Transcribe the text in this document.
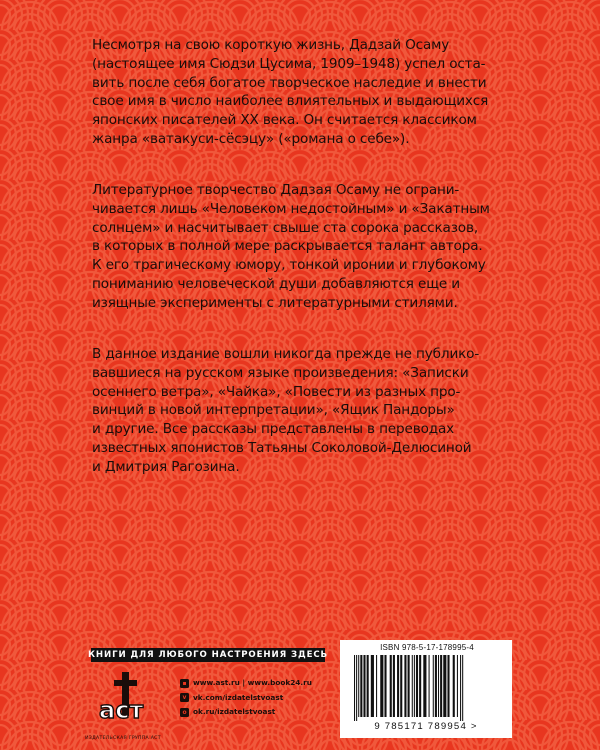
Несмотря на свою короткую жизнь, Дадзай Осаму
(настоящее имя Сюдзи Цусима, 1909–1948) успел оста-
вить после себя богатое творческое наследие и внести
свое имя в число наиболее влиятельных и выдающихся
японских писателей XX века. Он считается классиком
жанра «ватакуси-сёсэцу» («романа о себе»).

Литературное творчество Дадзая Осаму не ограни-
чивается лишь «Человеком недостойным» и «Закатным
солнцем» и насчитывает свыше ста сорока рассказов,
в которых в полной мере раскрывается талант автора.
К его трагическому юмору, тонкой иронии и глубокому
пониманию человеческой души добавляются еще и
изящные эксперименты с литературными стилями.

В данное издание вошли никогда прежде не публико-
вавшиеся на русском языке произведения: «Записки
осеннего ветра», «Чайка», «Повести из разных про-
винций в новой интерпретации», «Ящик Пандоры»
и другие. Все рассказы представлены в переводах
известных японистов Татьяны Соколовой-Делюсиной
и Дмитрия Рагозина.

КНИГИ ДЛЯ ЛЮБОГО НАСТРОЕНИЯ ЗДЕСЬ
аст
ИЗДАТЕЛЬСКАЯ ГРУППА АСТ
▪ www.ast.ru | www.book24.ru
v vk.com/izdatelstvoast
o ok.ru/izdatelstvoast
ISBN 978-5-17-178995-4
9 785171 789954 >
